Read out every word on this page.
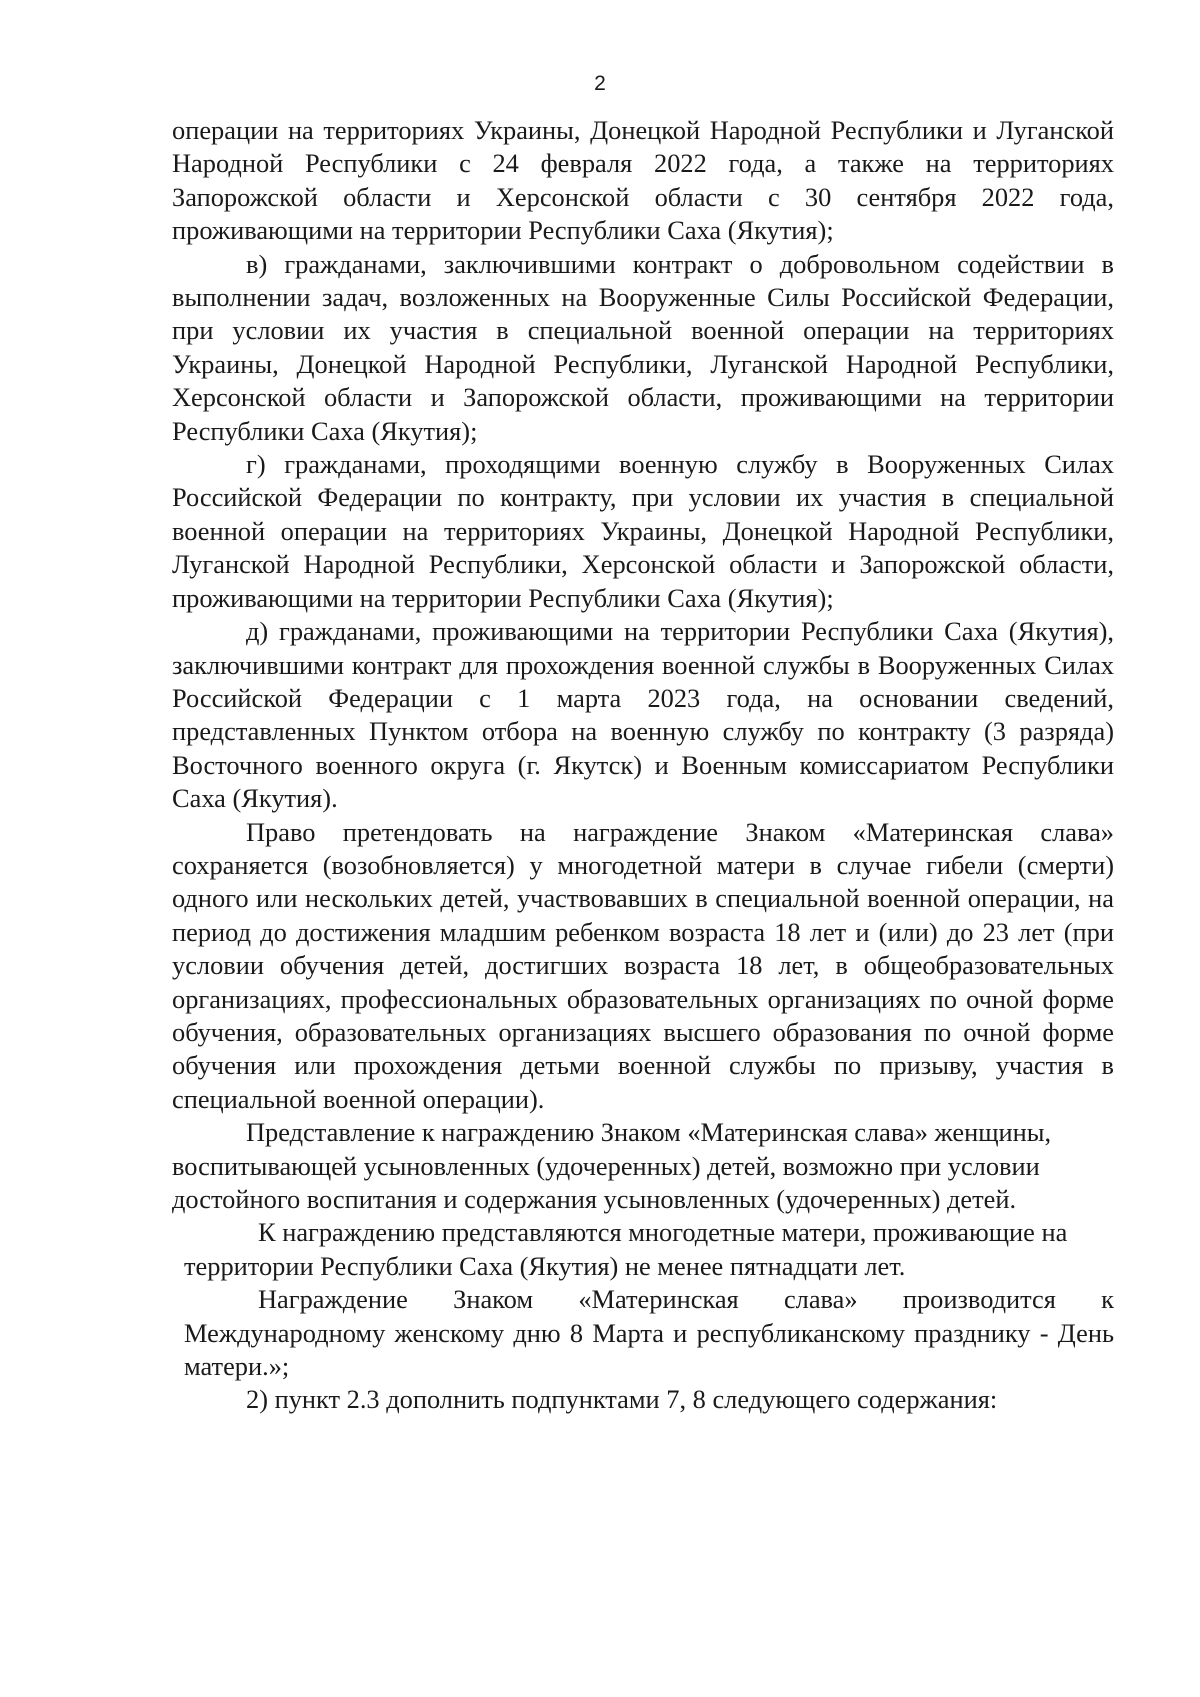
2

операции на территориях Украины, Донецкой Народной Республики и Луганской Народной Республики с 24 февраля 2022 года, а также на территориях Запорожской области и Херсонской области с 30 сентября 2022 года, проживающими на территории Республики Саха (Якутия);

в) гражданами, заключившими контракт о добровольном содействии в выполнении задач, возложенных на Вооруженные Силы Российской Федерации, при условии их участия в специальной военной операции на территориях Украины, Донецкой Народной Республики, Луганской Народной Республики, Херсонской области и Запорожской области, проживающими на территории Республики Саха (Якутия);

г) гражданами, проходящими военную службу в Вооруженных Силах Российской Федерации по контракту, при условии их участия в специальной военной операции на территориях Украины, Донецкой Народной Республики, Луганской Народной Республики, Херсонской области и Запорожской области, проживающими на территории Республики Саха (Якутия);

д) гражданами, проживающими на территории Республики Саха (Якутия), заключившими контракт для прохождения военной службы в Вооруженных Силах Российской Федерации с 1 марта 2023 года, на основании сведений, представленных Пунктом отбора на военную службу по контракту (3 разряда) Восточного военного округа (г. Якутск) и Военным комиссариатом Республики Саха (Якутия).

Право претендовать на награждение Знаком «Материнская слава» сохраняется (возобновляется) у многодетной матери в случае гибели (смерти) одного или нескольких детей, участвовавших в специальной военной операции, на период до достижения младшим ребенком возраста 18 лет и (или) до 23 лет (при условии обучения детей, достигших возраста 18 лет, в общеобразовательных организациях, профессиональных образовательных организациях по очной форме обучения, образовательных организациях высшего образования по очной форме обучения или прохождения детьми военной службы по призыву, участия в специальной военной операции).

Представление к награждению Знаком «Материнская слава» женщины, воспитывающей усыновленных (удочеренных) детей, возможно при условии достойного воспитания и содержания усыновленных (удочеренных) детей.

К награждению представляются многодетные матери, проживающие на территории Республики Саха (Якутия) не менее пятнадцати лет.

Награждение Знаком «Материнская слава» производится к Международному женскому дню 8 Марта и республиканскому празднику - День матери.»;

2) пункт 2.3 дополнить подпунктами 7, 8 следующего содержания:
